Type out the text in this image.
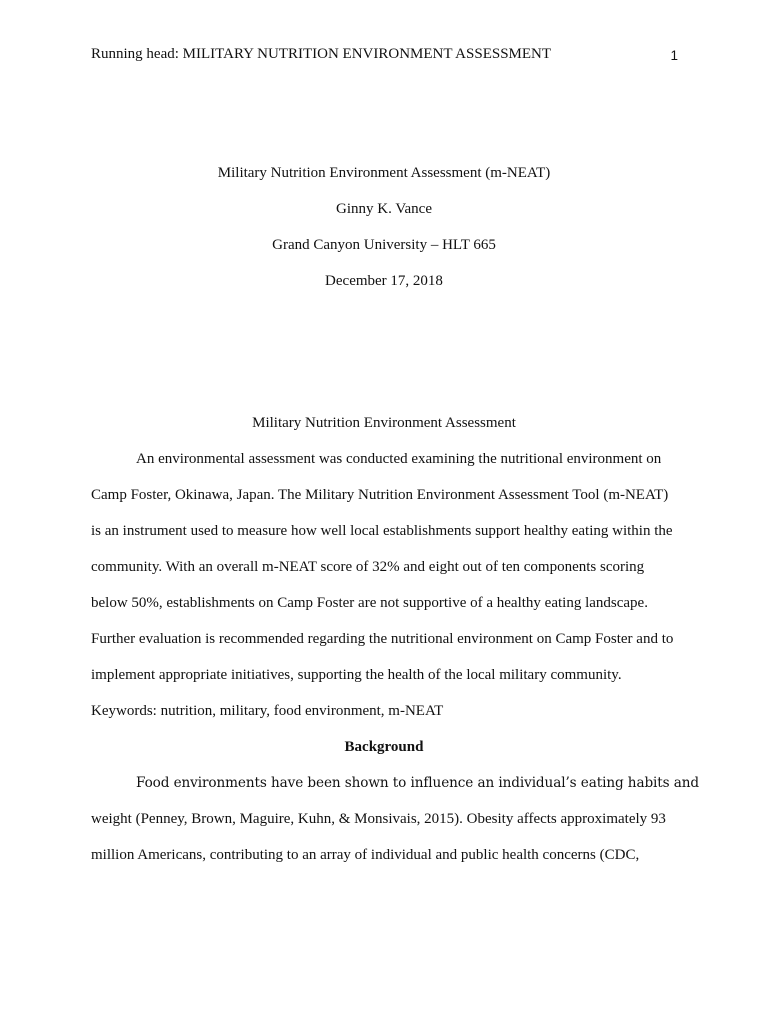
Running head: MILITARY NUTRITION ENVIRONMENT ASSESSMENT	1
Military Nutrition Environment Assessment (m-NEAT)
Ginny K. Vance
Grand Canyon University – HLT 665
December 17, 2018
Military Nutrition Environment Assessment
An environmental assessment was conducted examining the nutritional environment on
Camp Foster, Okinawa, Japan. The Military Nutrition Environment Assessment Tool (m-NEAT)
is an instrument used to measure how well local establishments support healthy eating within the
community. With an overall m-NEAT score of 32% and eight out of ten components scoring
below 50%, establishments on Camp Foster are not supportive of a healthy eating landscape.
Further evaluation is recommended regarding the nutritional environment on Camp Foster and to
implement appropriate initiatives, supporting the health of the local military community.
Keywords: nutrition, military, food environment, m-NEAT
Background
Food environments have been shown to influence an individual’s eating habits and
weight (Penney, Brown, Maguire, Kuhn, & Monsivais, 2015). Obesity affects approximately 93
million Americans, contributing to an array of individual and public health concerns (CDC,
